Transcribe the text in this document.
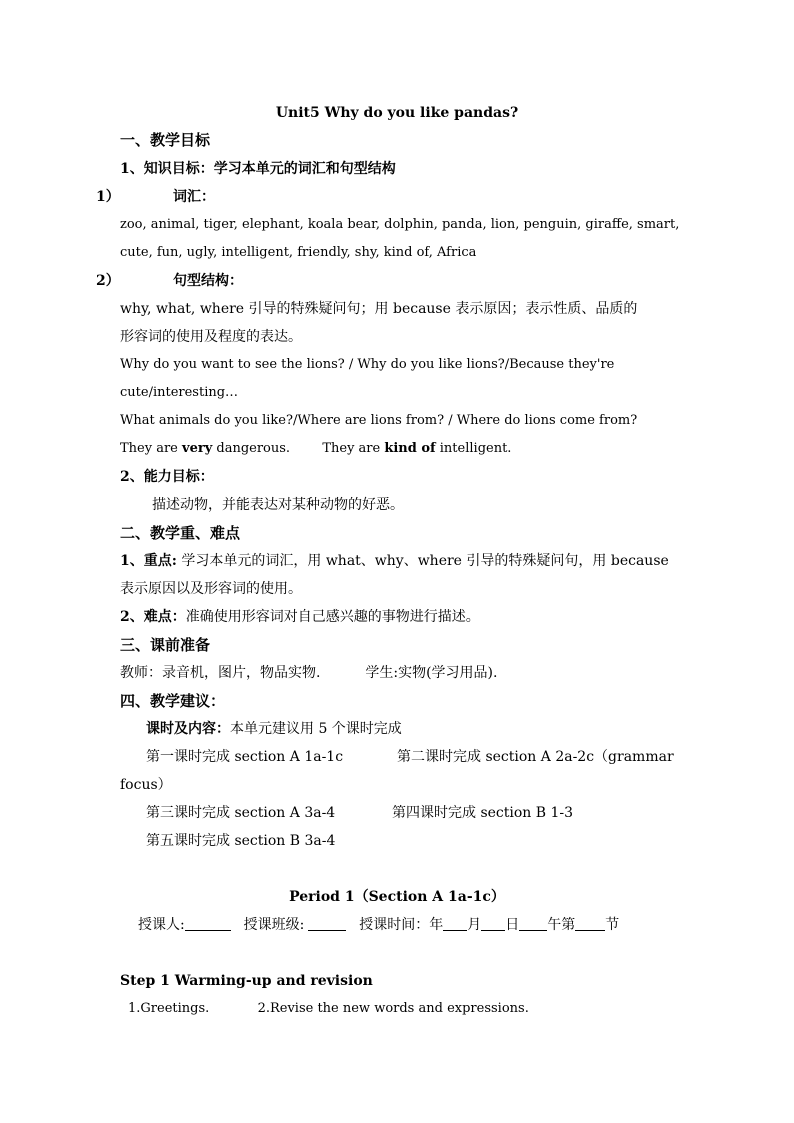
Unit5 Why do you like pandas?
一、教学目标
1、知识目标：学习本单元的词汇和句型结构
1）	词汇：
zoo, animal, tiger, elephant, koala bear, dolphin, panda, lion, penguin, giraffe, smart,
cute, fun, ugly, intelligent, friendly, shy, kind of, Africa
2）	句型结构：
why, what, where 引导的特殊疑问句；用 because 表示原因；表示性质、品质的
形容词的使用及程度的表达。
Why do you want to see the lions? / Why do you like lions?/Because they're
cute/interesting…
What animals do you like?/Where are lions from? / Where do lions come from?
They are very dangerous. They are kind of intelligent.
2、能力目标：
描述动物，并能表达对某种动物的好恶。
二、教学重、难点
1、重点: 学习本单元的词汇，用 what、why、where 引导的特殊疑问句，用 because
表示原因以及形容词的使用。
2、难点：准确使用形容词对自己感兴趣的事物进行描述。
三、课前准备
教师：录音机，图片，物品实物.	学生:实物(学习用品).
四、教学建议：
课时及内容：本单元建议用 5 个课时完成
第一课时完成 section A 1a-1c	第二课时完成 section A 2a-2c（grammar
focus）
第三课时完成 section A 3a-4	第四课时完成 section B 1-3
第五课时完成 section B 3a-4
Period 1（Section A 1a-1c）
授课人:	授课班级:	授课时间：年 月 日 午第 节
Step 1 Warming-up and revision
1.Greetings.	2.Revise the new words and expressions.
